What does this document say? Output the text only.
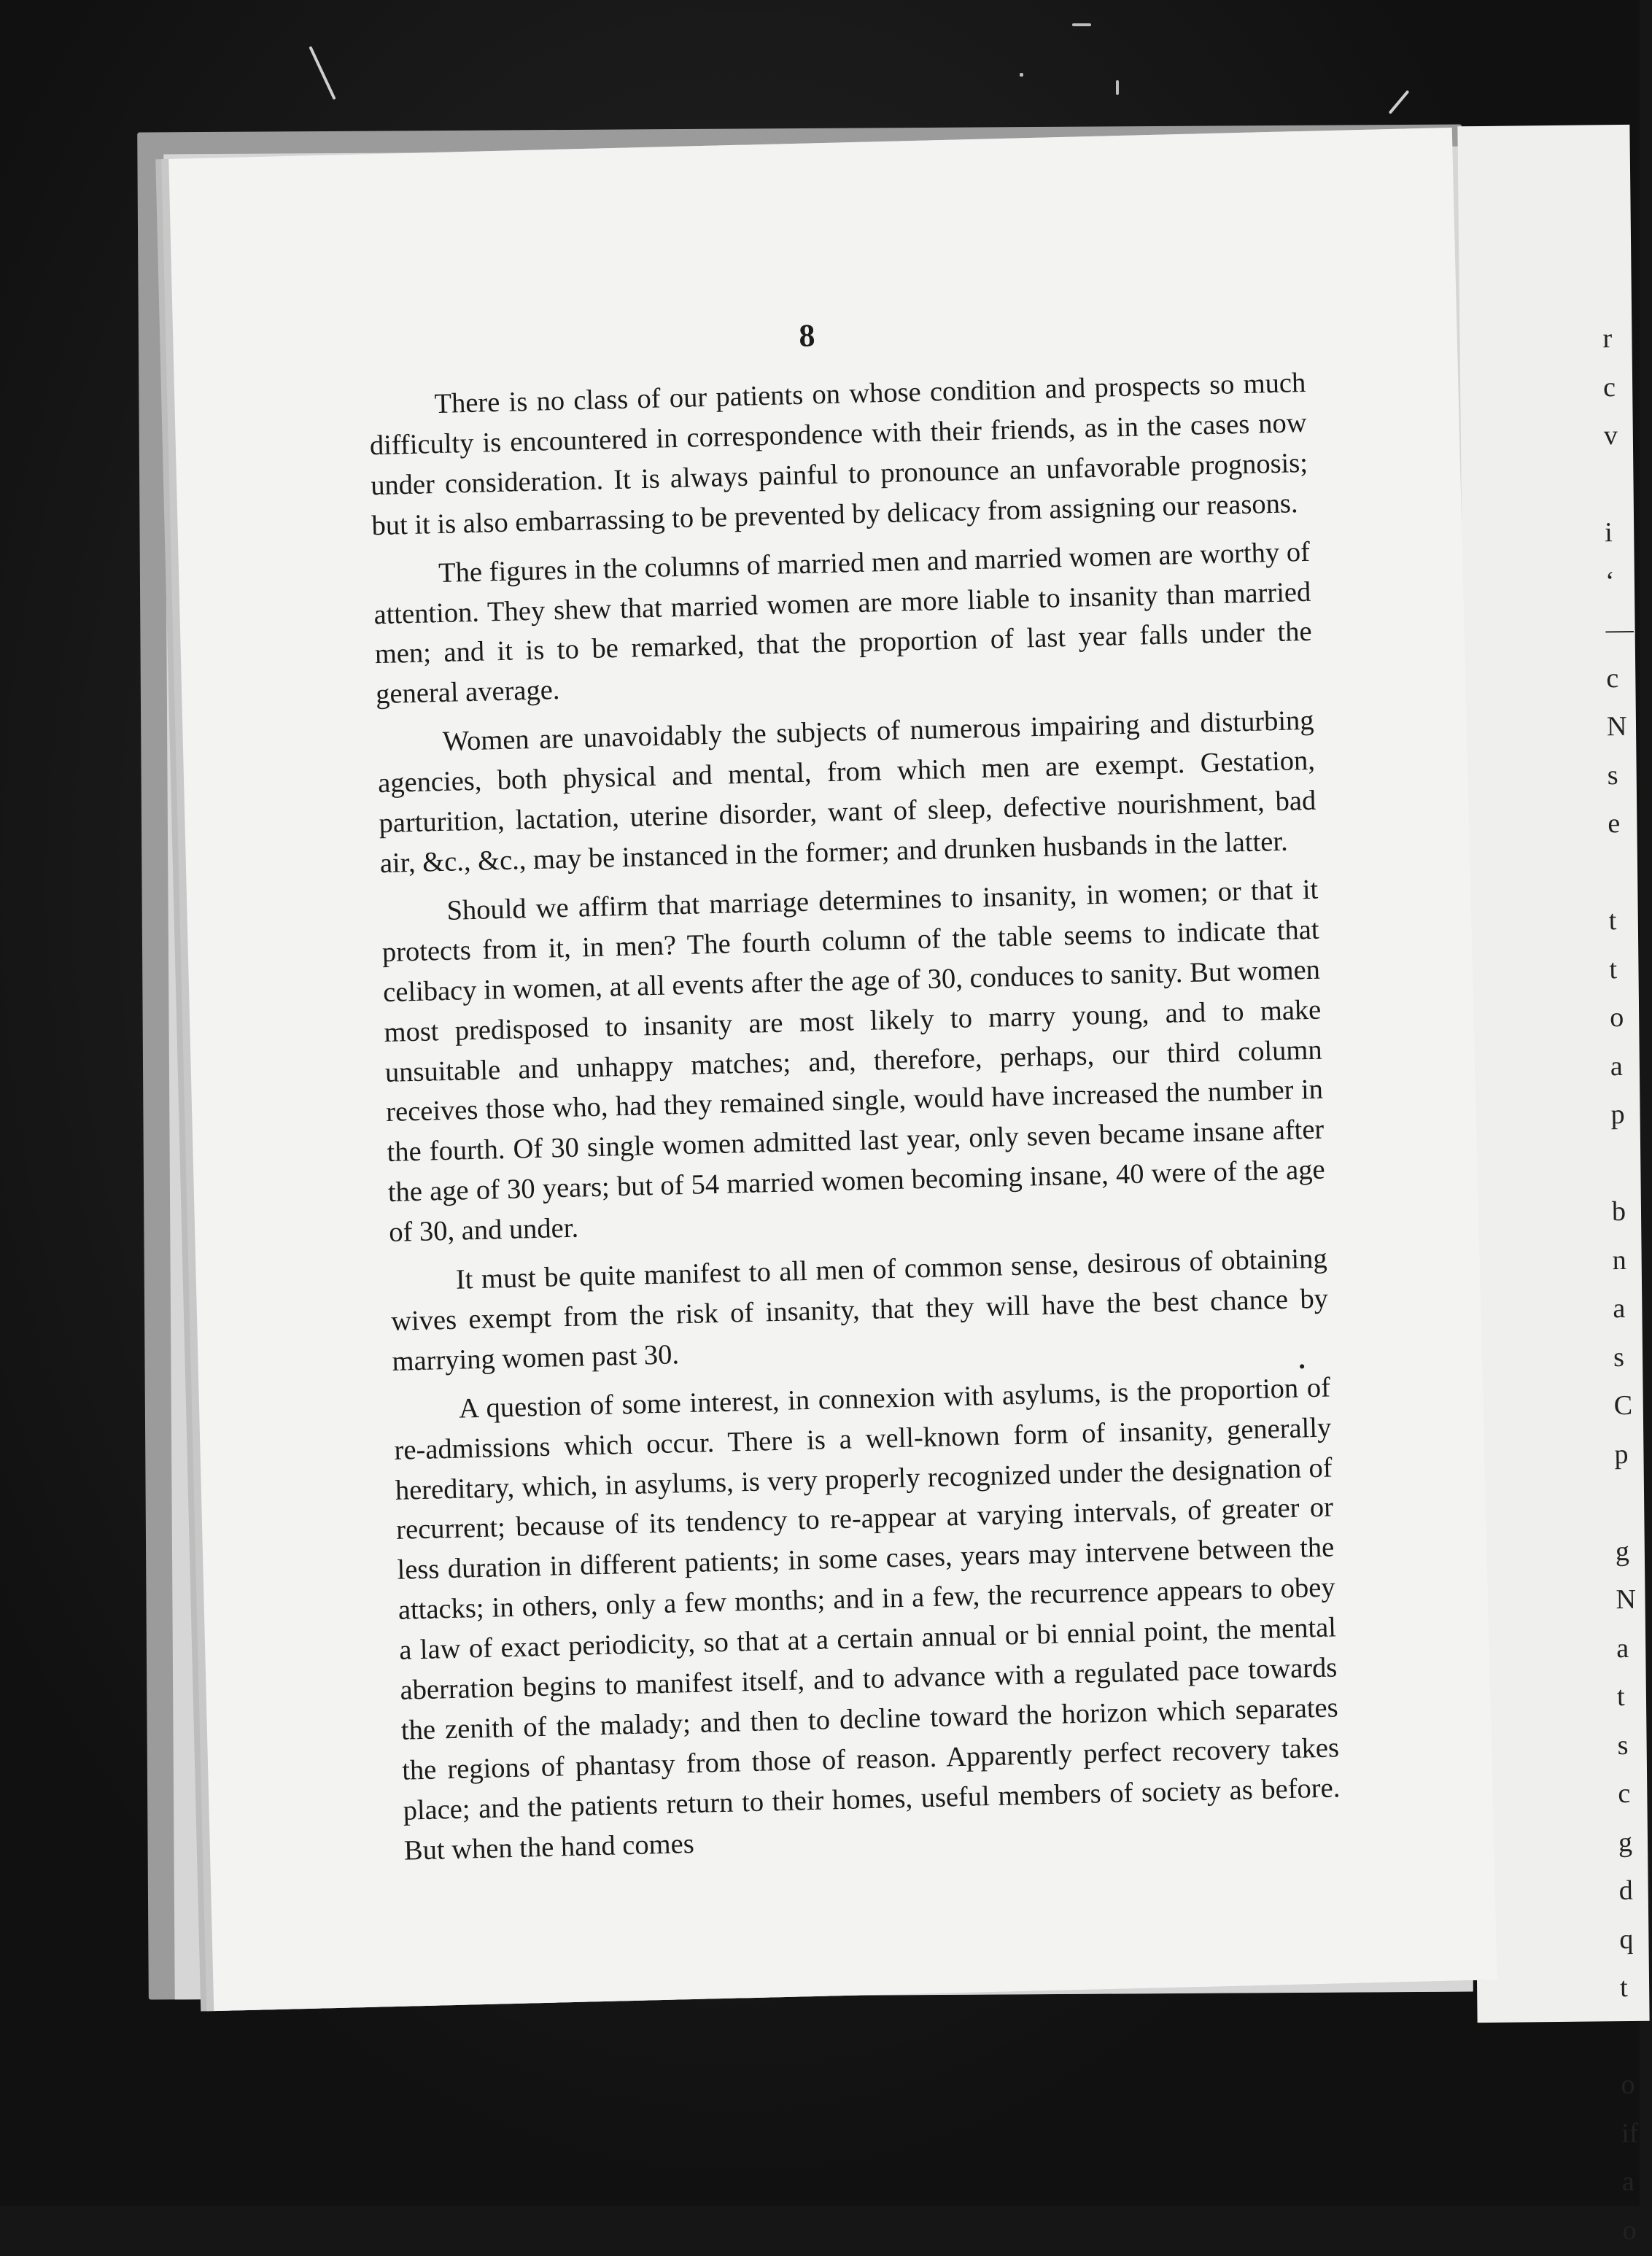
r
c
v

i
‘
—
c
N
s
e

t
t
o
a
p

b
n
a
s
C
p

g
N
a
t
s
c
g
d
q
t

o
if
a
o
8

There is no class of our patients on whose condition and prospects so much difficulty is encountered in correspondence with their friends, as in the cases now under consideration. It is always painful to pronounce an unfavorable prognosis; but it is also embarrassing to be prevented by delicacy from assigning our reasons.

The figures in the columns of married men and married women are worthy of attention. They shew that married women are more liable to insanity than married men; and it is to be remarked, that the proportion of last year falls under the general average.

Women are unavoidably the subjects of numerous impairing and disturbing agencies, both physical and mental, from which men are exempt. Gestation, parturition, lactation, uterine disorder, want of sleep, defective nourishment, bad air, &c., &c., may be instanced in the former; and drunken husbands in the latter.

Should we affirm that marriage determines to insanity, in women; or that it protects from it, in men? The fourth column of the table seems to indicate that celibacy in women, at all events after the age of 30, conduces to sanity. But women most predisposed to insanity are most likely to marry young, and to make unsuitable and unhappy matches; and, therefore, perhaps, our third column receives those who, had they remained single, would have increased the number in the fourth. Of 30 single women admitted last year, only seven became insane after the age of 30 years; but of 54 married women becoming insane, 40 were of the age of 30, and under.

It must be quite manifest to all men of common sense, desirous of obtaining wives exempt from the risk of insanity, that they will have the best chance by marrying women past 30.

A question of some interest, in connexion with asylums, is the proportion of re-admissions which occur. There is a well-known form of insanity, generally hereditary, which, in asylums, is very properly recognized under the designation of recurrent; because of its tendency to re-appear at varying intervals, of greater or less duration in different patients; in some cases, years may intervene between the attacks; in others, only a few months; and in a few, the recurrence appears to obey a law of exact periodicity, so that at a certain annual or bi ennial point, the mental aberration begins to manifest itself, and to advance with a regulated pace towards the zenith of the malady; and then to decline toward the horizon which separates the regions of phantasy from those of reason. Apparently perfect recovery takes place; and the patients return to their homes, useful members of society as before. But when the hand comes
